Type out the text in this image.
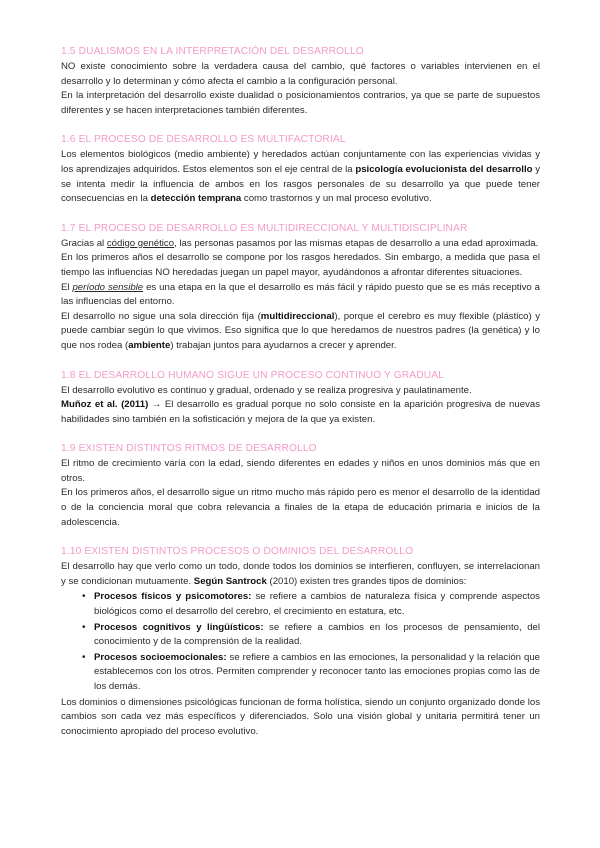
1.5 DUALISMOS EN LA INTERPRETACIÓN DEL DESARROLLO

NO existe conocimiento sobre la verdadera causa del cambio, qué factores o variables intervienen en el desarrollo y lo determinan y cómo afecta el cambio a la configuración personal.

En la interpretación del desarrollo existe dualidad o posicionamientos contrarios, ya que se parte de supuestos diferentes y se hacen interpretaciones también diferentes.

1.6 EL PROCESO DE DESARROLLO ES MULTIFACTORIAL

Los elementos biológicos (medio ambiente) y heredados actúan conjuntamente con las experiencias vividas y los aprendizajes adquiridos. Estos elementos son el eje central de la psicología evolucionista del desarrollo y se intenta medir la influencia de ambos en los rasgos personales de su desarrollo ya que puede tener consecuencias en la detección temprana como trastornos y un mal proceso evolutivo.

1.7 EL PROCESO DE DESARROLLO ES MULTIDIRECCIONAL Y MULTIDISCIPLINAR

Gracias al código genético, las personas pasamos por las mismas etapas de desarrollo a una edad aproximada.

En los primeros años el desarrollo se compone por los rasgos heredados. Sin embargo, a medida que pasa el tiempo las influencias NO heredadas juegan un papel mayor, ayudándonos a afrontar diferentes situaciones.

El período sensible es una etapa en la que el desarrollo es más fácil y rápido puesto que se es más receptivo a las influencias del entorno.

El desarrollo no sigue una sola dirección fija (multidireccional), porque el cerebro es muy flexible (plástico) y puede cambiar según lo que vivimos. Eso significa que lo que heredamos de nuestros padres (la genética) y lo que nos rodea (ambiente) trabajan juntos para ayudarnos a crecer y aprender.

1.8 EL DESARROLLO HUMANO SIGUE UN PROCESO CONTINUO Y GRADUAL

El desarrollo evolutivo es continuo y gradual, ordenado y se realiza progresiva y paulatinamente.

Muñoz et al. (2011) → El desarrollo es gradual porque no solo consiste en la aparición progresiva de nuevas habilidades sino también en la sofisticación y mejora de la que ya existen.

1.9 EXISTEN DISTINTOS RITMOS DE DESARROLLO

El ritmo de crecimiento varía con la edad, siendo diferentes en edades y niños en unos dominios más que en otros.

En los primeros años, el desarrollo sigue un ritmo mucho más rápido pero es menor el desarrollo de la identidad o de la conciencia moral que cobra relevancia a finales de la etapa de educación primaria e inicios de la adolescencia.

1.10 EXISTEN DISTINTOS PROCESOS O DOMINIOS DEL DESARROLLO

El desarrollo hay que verlo como un todo, donde todos los dominios se interfieren, confluyen, se interrelacionan y se condicionan mutuamente. Según Santrock (2010) existen tres grandes tipos de dominios:

• Procesos físicos y psicomotores: se refiere a cambios de naturaleza física y comprende aspectos biológicos como el desarrollo del cerebro, el crecimiento en estatura, etc.
• Procesos cognitivos y lingüísticos: se refiere a cambios en los procesos de pensamiento, del conocimiento y de la comprensión de la realidad.
• Procesos socioemocionales: se refiere a cambios en las emociones, la personalidad y la relación que establecemos con los otros. Permiten comprender y reconocer tanto las emociones propias como las de los demás.

Los dominios o dimensiones psicológicas funcionan de forma holística, siendo un conjunto organizado donde los cambios son cada vez más específicos y diferenciados. Solo una visión global y unitaria permitirá tener un conocimiento apropiado del proceso evolutivo.
